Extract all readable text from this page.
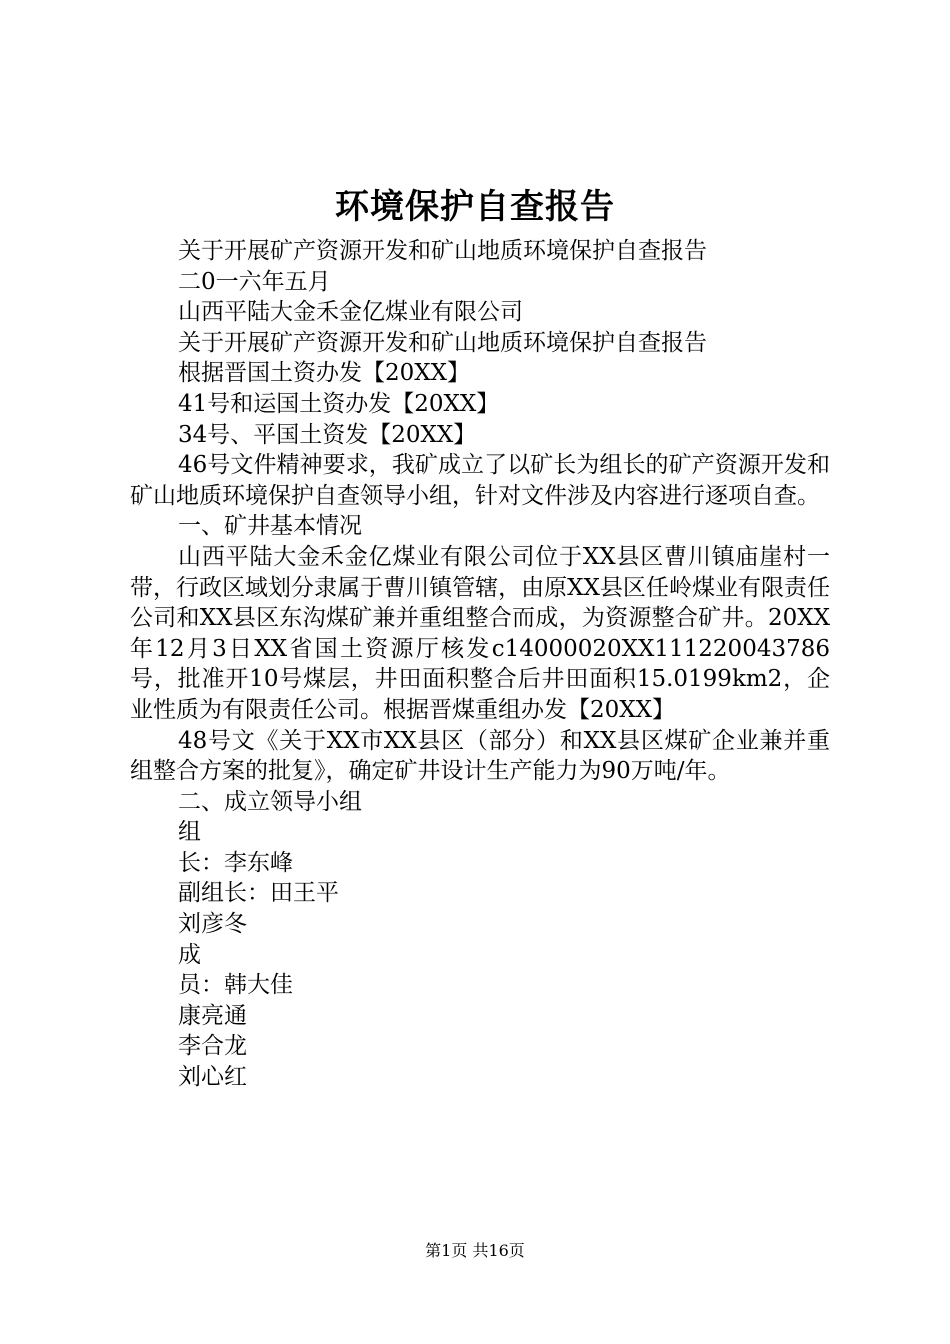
环境保护自查报告

关于开展矿产资源开发和矿山地质环境保护自查报告

二0一六年五月

山西平陆大金禾金亿煤业有限公司

关于开展矿产资源开发和矿山地质环境保护自查报告

根据晋国土资办发【20XX】

41号和运国土资办发【20XX】

34号、平国土资发【20XX】

46号文件精神要求，我矿成立了以矿长为组长的矿产资源开发和矿山地质环境保护自查领导小组，针对文件涉及内容进行逐项自查。

一、矿井基本情况

山西平陆大金禾金亿煤业有限公司位于XX县区曹川镇庙崖村一带，行政区域划分隶属于曹川镇管辖，由原XX县区任岭煤业有限责任公司和XX县区东沟煤矿兼并重组整合而成，为资源整合矿井。20XX年12月3日XX省国土资源厅核发c14000020XX111220043786号，批准开10号煤层，井田面积整合后井田面积15.0199km2，企业性质为有限责任公司。根据晋煤重组办发【20XX】

48号文《关于XX市XX县区（部分）和XX县区煤矿企业兼并重组整合方案的批复》，确定矿井设计生产能力为90万吨/年。

二、成立领导小组

组

长：李东峰

副组长：田王平

刘彦冬

成

员：韩大佳

康亮通

李合龙

刘心红

第1页 共16页
